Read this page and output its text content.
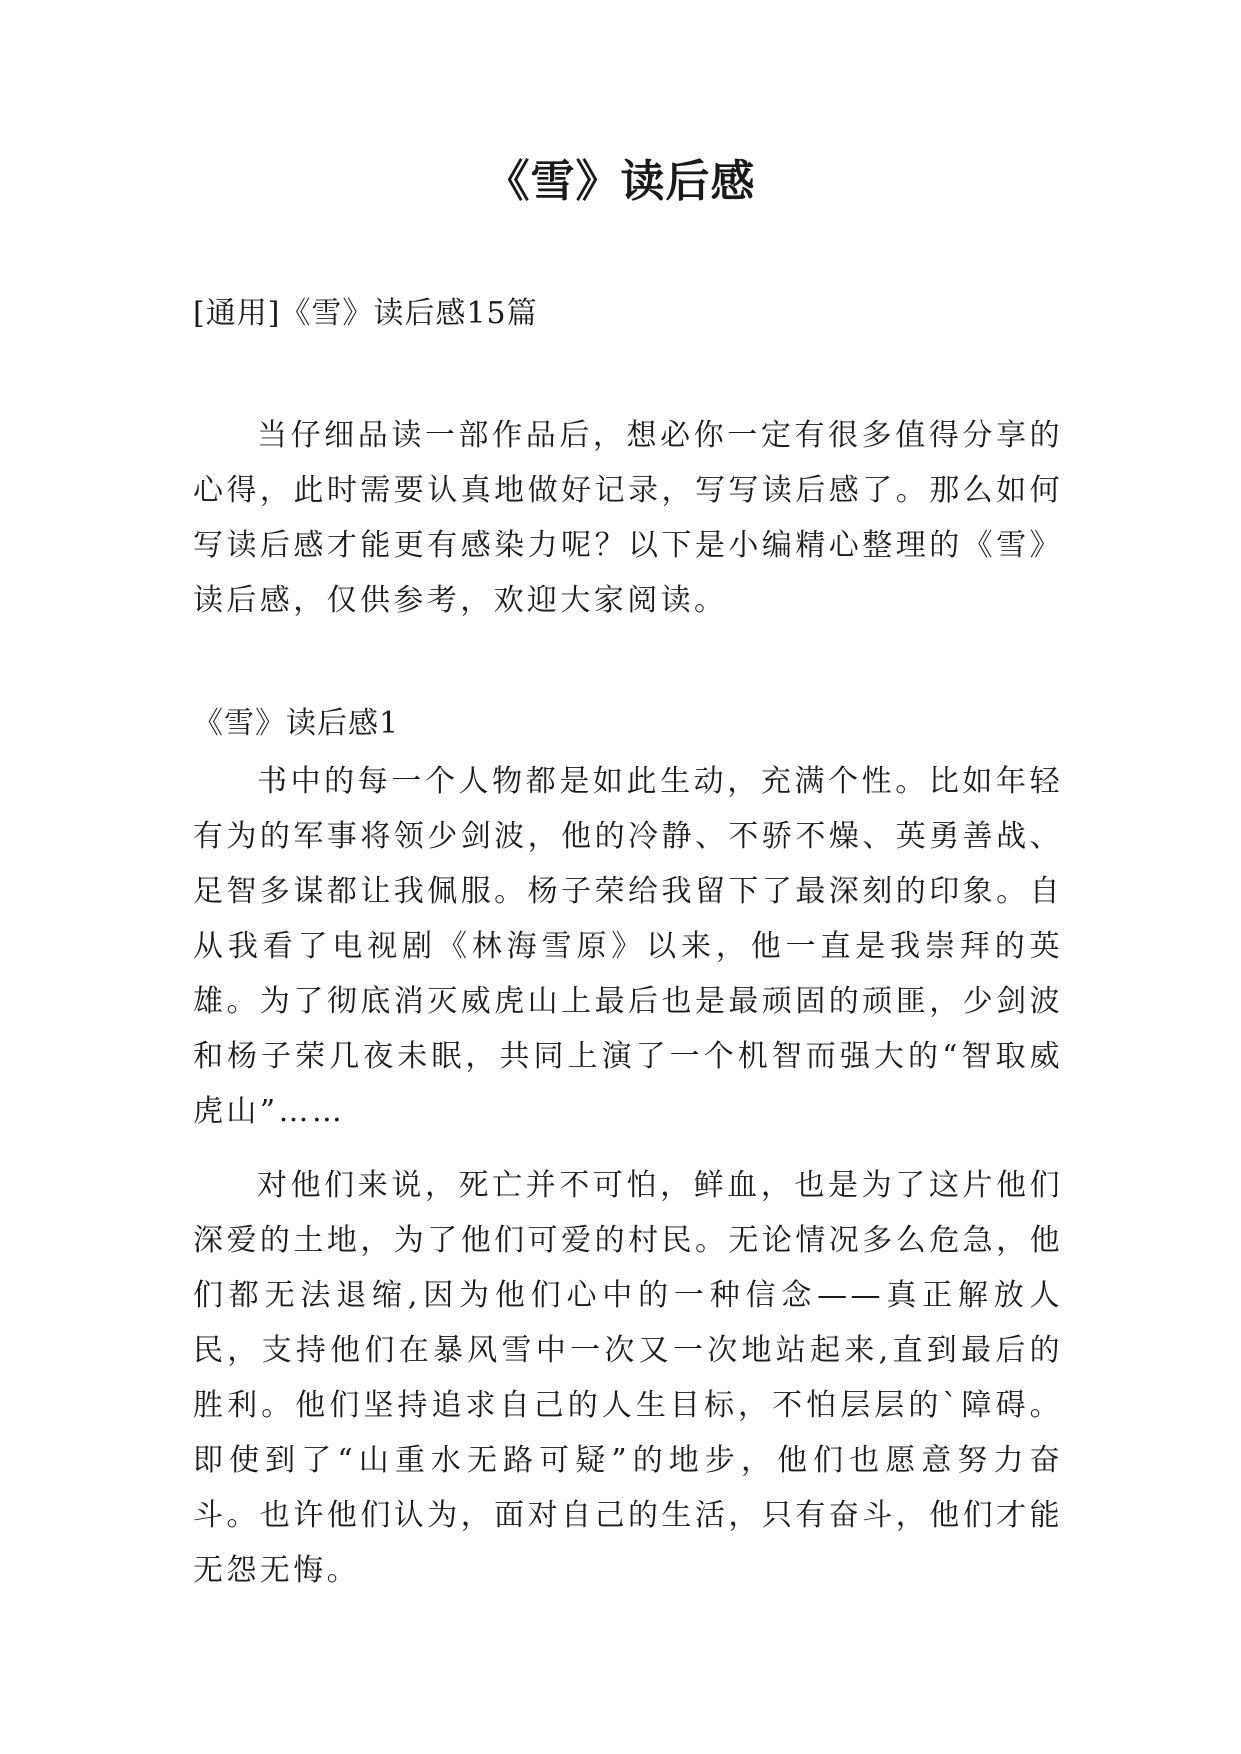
《雪》读后感

[通用]《雪》读后感15篇

当仔细品读一部作品后，想必你一定有很多值得分享的心得，此时需要认真地做好记录，写写读后感了。那么如何写读后感才能更有感染力呢？以下是小编精心整理的《雪》读后感，仅供参考，欢迎大家阅读。

《雪》读后感1

书中的每一个人物都是如此生动，充满个性。比如年轻有为的军事将领少剑波，他的冷静、不骄不燥、英勇善战、足智多谋都让我佩服。杨子荣给我留下了最深刻的印象。自从我看了电视剧《林海雪原》以来，他一直是我崇拜的英雄。为了彻底消灭威虎山上最后也是最顽固的顽匪，少剑波和杨子荣几夜未眠，共同上演了一个机智而强大的“智取威虎山”……

对他们来说，死亡并不可怕，鲜血，也是为了这片他们深爱的土地，为了他们可爱的村民。无论情况多么危急，他们都无法退缩,因为他们心中的一种信念——真正解放人民，支持他们在暴风雪中一次又一次地站起来,直到最后的胜利。他们坚持追求自己的人生目标，不怕层层的`障碍。即使到了“山重水无路可疑”的地步，他们也愿意努力奋斗。也许他们认为，面对自己的生活，只有奋斗，他们才能无怨无悔。
